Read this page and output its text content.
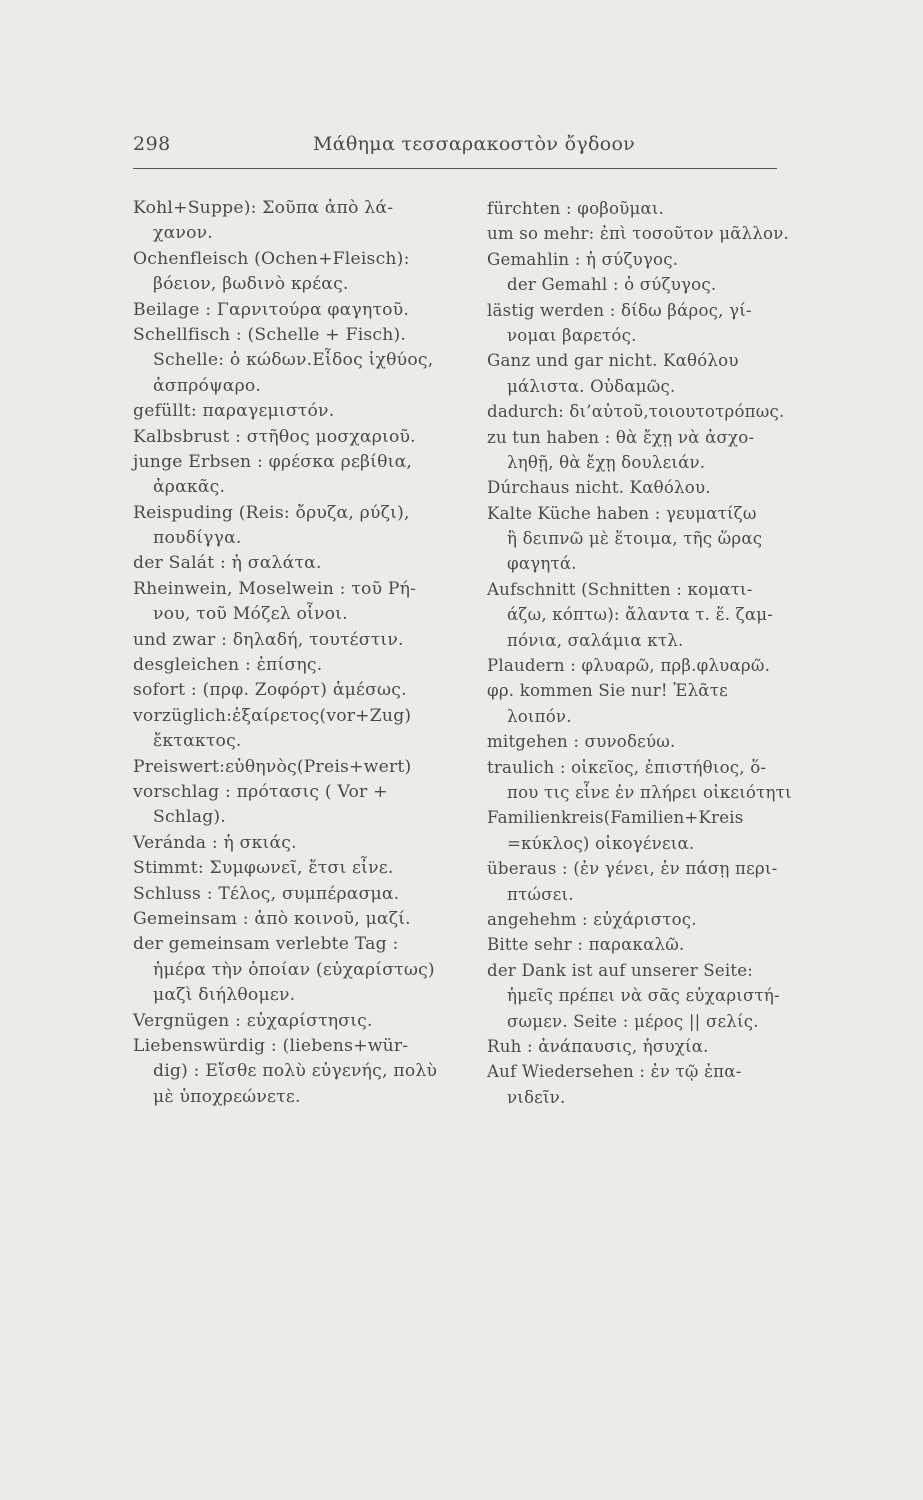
298	Μάθημα τεσσαρακοστὸν ὄγδοον
Kohl+Suppe): Σοῦπα ἀπὸ λά-
χανον.
Ochenfleisch (Ochen+Fleisch):
βόειον, βωδινὸ κρέας.
Beilage : Γαρνιτούρα φαγητοῦ.
Schellfisch : (Schelle + Fisch).
Schelle: ὁ κώδων.Εἶδος ἰχθύος,
ἀσπρόψαρο.
gefüllt: παραγεμιστόν.
Kalbsbrust : στῆθος μοσχαριοῦ.
junge Erbsen : φρέσκα ρεβίθια,
ἀρακᾶς.
Reispuding (Reis: ὄρυζα, ρύζι),
πουδίγγα.
der Salát : ἡ σαλάτα.
Rheinwein, Moselwein : τοῦ Ρή-
νου, τοῦ Μόζελ οἶνοι.
und zwar : δηλαδή, τουτέστιν.
desgleichen : ἐπίσης.
sofort : (πρφ. Ζοφόρτ) ἀμέσως.
vorzüglich:ἐξαίρετος(vor+Zug)
ἔκτακτος.
Preiswert:εὐθηνὸς(Preis+wert)
vorschlag : πρότασις ( Vor +
Schlag).
Veránda : ἡ σκιάς.
Stimmt: Συμφωνεῖ, ἔτσι εἶνε.
Schluss : Τέλος, συμπέρασμα.
Gemeinsam : ἀπὸ κοινοῦ, μαζί.
der gemeinsam verlebte Tag :
ἡμέρα τὴν ὁποίαν (εὐχαρίστως)
μαζὶ διήλθομεν.
Vergnügen : εὐχαρίστησις.
Liebenswürdig : (liebens+wür-
dig) : Εἴσθε πολὺ εὐγενής, πολὺ
μὲ ὑποχρεώνετε.
fürchten : φοβοῦμαι.
um so mehr: ἐπὶ τοσοῦτον μᾶλλον.
Gemahlin : ἡ σύζυγος.
der Gemahl : ὁ σύζυγος.
lästig werden : δίδω βάρος, γί-
νομαι βαρετός.
Ganz und gar nicht. Καθόλου
μάλιστα. Οὐδαμῶς.
dadurch: δι’αὐτοῦ,τοιουτοτρόπως.
zu tun haben : θὰ ἔχῃ νὰ ἀσχο-
ληθῇ, θὰ ἔχῃ δουλειάν.
Dúrchaus nicht. Καθόλου.
Kalte Küche haben : γευματίζω
ἢ δειπνῶ μὲ ἕτοιμα, τῆς ὥρας
φαγητά.
Aufschnitt (Schnitten : κοματι-
άζω, κόπτω): ἄλαντα τ. ἕ. ζαμ-
πόνια, σαλάμια κτλ.
Plaudern : φλυαρῶ, πρβ.φλυαρῶ.
φρ. kommen Sie nur! Ἐλᾶτε
λοιπόν.
mitgehen : συνοδεύω.
traulich : οἰκεῖος, ἐπιστήθιος, ὅ-
που τις εἶνε ἐν πλήρει οἰκειότητι
Familienkreis(Familien+Kreis
=κύκλος) οἰκογένεια.
überaus : (ἐν γένει, ἐν πάσῃ περι-
πτώσει.
angehehm : εὐχάριστος.
Bitte sehr : παρακαλῶ.
der Dank ist auf unserer Seite:
ἡμεῖς πρέπει νὰ σᾶς εὐχαριστή-
σωμεν. Seite : μέρος || σελίς.
Ruh : ἀνάπαυσις, ἡσυχία.
Auf Wiedersehen : ἐν τῷ ἐπα-
νιδεῖν.
